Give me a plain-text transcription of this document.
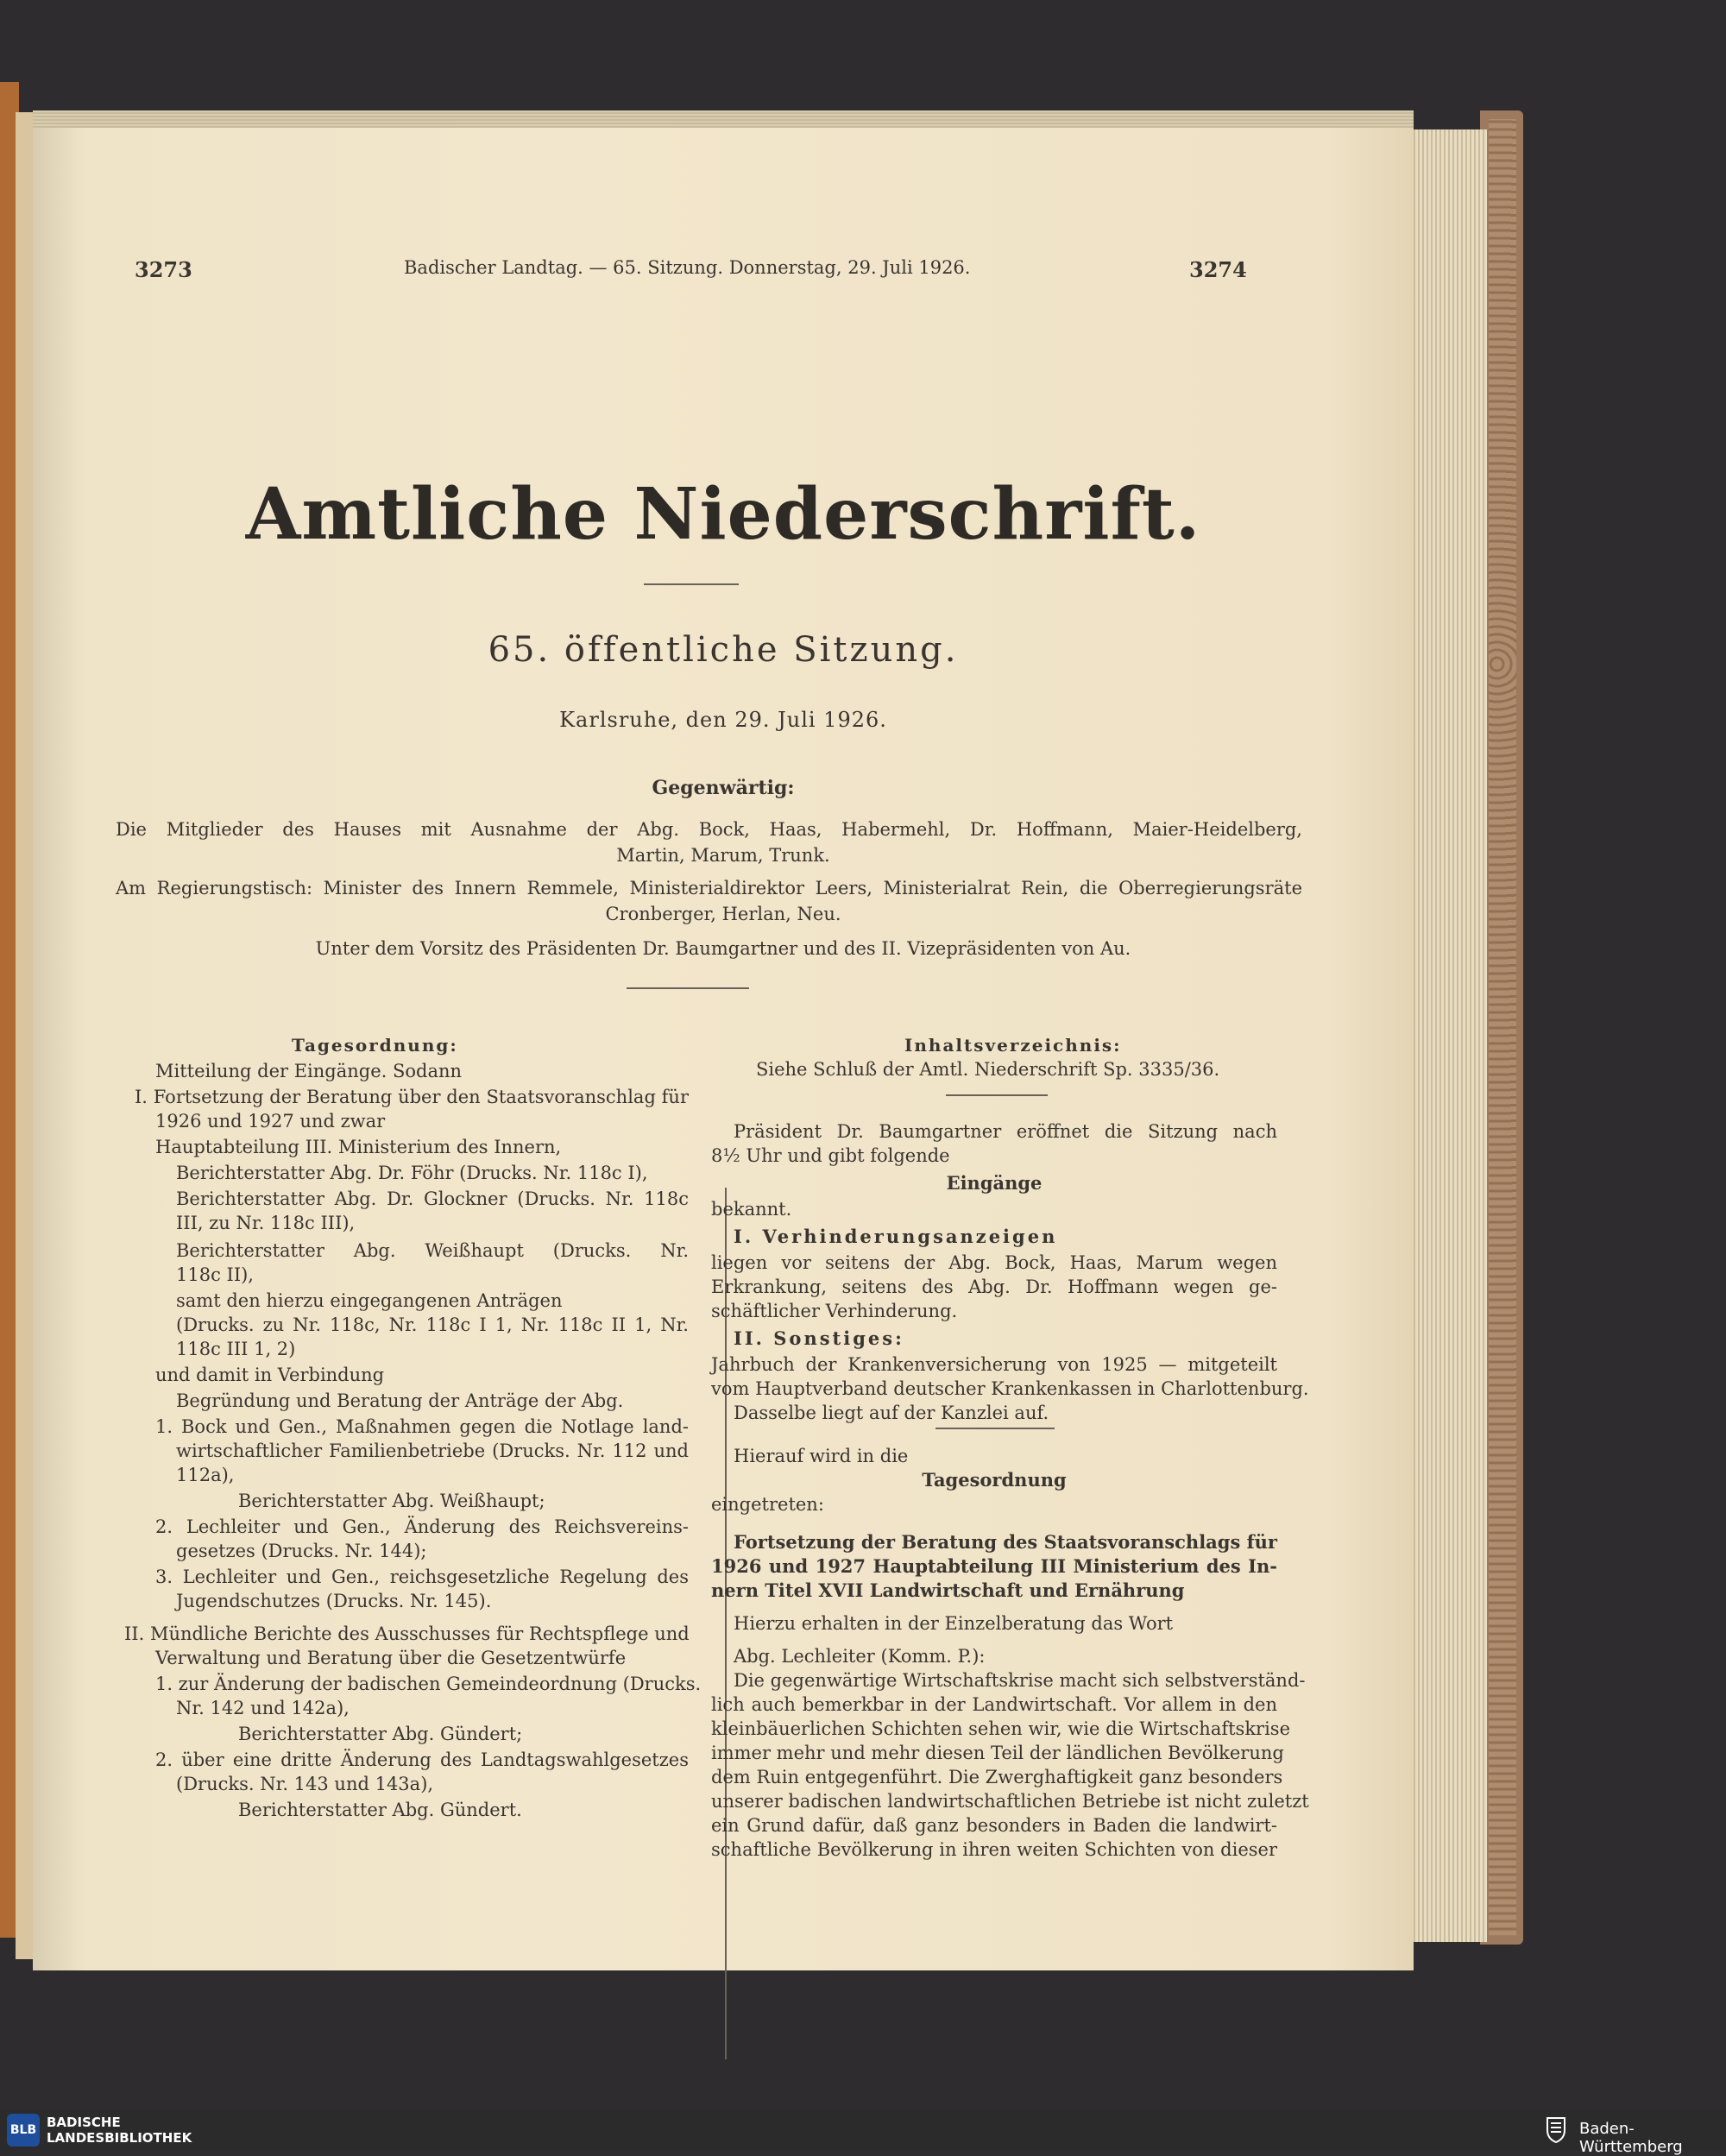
3273	Badischer Landtag. — 65. Sitzung. Donnerstag, 29. Juli 1926.	3274
Amtliche Niederschrift.
65. öffentliche Sitzung.
Karlsruhe, den 29. Juli 1926.
Gegenwärtig:
Die Mitglieder des Hauses mit Ausnahme der Abg. Bock, Haas, Habermehl, Dr. Hoffmann, Maier-Heidelberg,
Martin, Marum, Trunk.
Am Regierungstisch: Minister des Innern Remmele, Ministerialdirektor Leers, Ministerialrat Rein, die Oberregierungsräte
Cronberger, Herlan, Neu.
Unter dem Vorsitz des Präsidenten Dr. Baumgartner und des II. Vizepräsidenten von Au.
Tagesordnung:
Mitteilung der Eingänge. Sodann
I. Fortsetzung der Beratung über den Staatsvoranschlag für
1926 und 1927 und zwar
Hauptabteilung III. Ministerium des Innern,
Berichterstatter Abg. Dr. Föhr (Drucks. Nr. 118c I),
Berichterstatter Abg. Dr. Glockner (Drucks. Nr. 118c
III, zu Nr. 118c III),
Berichterstatter Abg. Weißhaupt (Drucks. Nr.
118c II),
samt den hierzu eingegangenen Anträgen
(Drucks. zu Nr. 118c, Nr. 118c I 1, Nr. 118c II 1, Nr.
118c III 1, 2)
und damit in Verbindung
Begründung und Beratung der Anträge der Abg.
1. Bock und Gen., Maßnahmen gegen die Notlage land-
wirtschaftlicher Familienbetriebe (Drucks. Nr. 112 und
112a),
Berichterstatter Abg. Weißhaupt;
2. Lechleiter und Gen., Änderung des Reichsvereins-
gesetzes (Drucks. Nr. 144);
3. Lechleiter und Gen., reichsgesetzliche Regelung des
Jugendschutzes (Drucks. Nr. 145).
II. Mündliche Berichte des Ausschusses für Rechtspflege und
Verwaltung und Beratung über die Gesetzentwürfe
1. zur Änderung der badischen Gemeindeordnung (Drucks.
Nr. 142 und 142a),
Berichterstatter Abg. Gündert;
2. über eine dritte Änderung des Landtagswahlgesetzes
(Drucks. Nr. 143 und 143a),
Berichterstatter Abg. Gündert.
Inhaltsverzeichnis:
Siehe Schluß der Amtl. Niederschrift Sp. 3335/36.
Präsident Dr. Baumgartner eröffnet die Sitzung nach
8½ Uhr und gibt folgende
Eingänge
bekannt.
I. Verhinderungsanzeigen
liegen vor seitens der Abg. Bock, Haas, Marum wegen
Erkrankung, seitens des Abg. Dr. Hoffmann wegen ge-
schäftlicher Verhinderung.
II. Sonstiges:
Jahrbuch der Krankenversicherung von 1925 — mitgeteilt
vom Hauptverband deutscher Krankenkassen in Charlottenburg.
Dasselbe liegt auf der Kanzlei auf.
Hierauf wird in die
Tagesordnung
eingetreten:
Fortsetzung der Beratung des Staatsvoranschlags für
1926 und 1927 Hauptabteilung III Ministerium des In-
nern Titel XVII Landwirtschaft und Ernährung
Hierzu erhalten in der Einzelberatung das Wort
Abg. Lechleiter (Komm. P.):
Die gegenwärtige Wirtschaftskrise macht sich selbstverständ-
lich auch bemerkbar in der Landwirtschaft. Vor allem in den
kleinbäuerlichen Schichten sehen wir, wie die Wirtschaftskrise
immer mehr und mehr diesen Teil der ländlichen Bevölkerung
dem Ruin entgegenführt. Die Zwerghaftigkeit ganz besonders
unserer badischen landwirtschaftlichen Betriebe ist nicht zuletzt
ein Grund dafür, daß ganz besonders in Baden die landwirt-
schaftliche Bevölkerung in ihren weiten Schichten von dieser
BLB BADISCHE
LANDESBIBLIOTHEK	Baden-Württemberg
